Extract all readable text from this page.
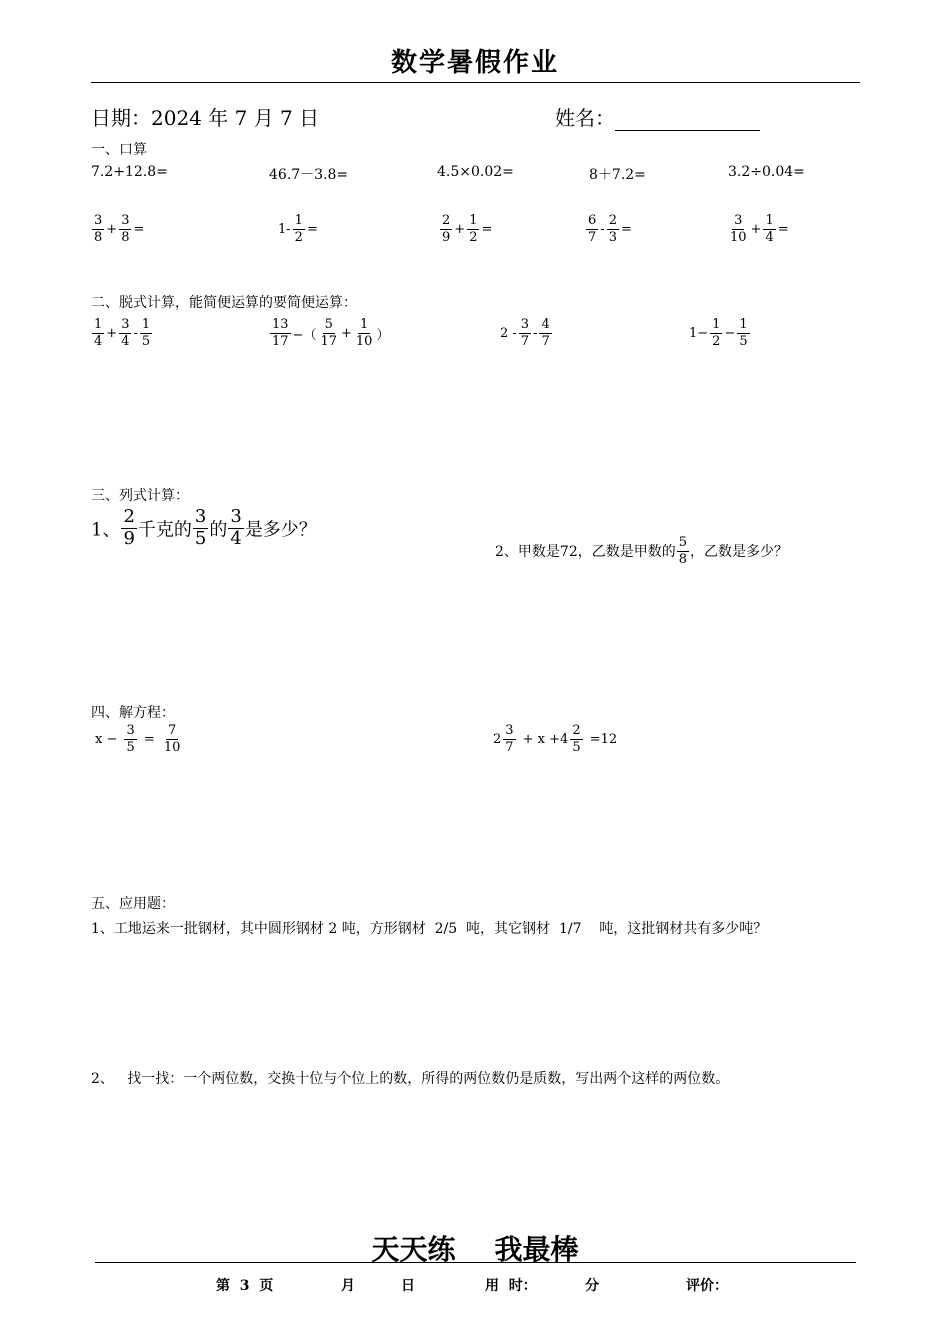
数学暑假作业
日期：2024 年 7 月 7 日	姓名：
一、口算
7.2+12.8=	46.7－3.8=	4.5×0.02=	8＋7.2=	3.2÷0.04=
$\frac{3}{8} + \frac{3}{8}$ =	$1- \frac{1}{2}$ =	$\frac{2}{9} + \frac{1}{2}$ =	$\frac{6}{7} - \frac{2}{3}$ =	$\frac{3}{10} + \frac{1}{4}$ =
二、脱式计算，能简便运算的要简便运算：
$\frac{1}{4} + \frac{3}{4} - \frac{1}{5}$	$\frac{13}{17}$ −（ $\frac{5}{17} + \frac{1}{10}$ ）	$2 - \frac{3}{7} - \frac{4}{7}$	$1- \frac{1}{2} - \frac{1}{5}$
三、列式计算：
1、 $\frac{2}{9}$ 千克的 $\frac{3}{5}$ 的 $\frac{3}{4}$ 是多少？
2、甲数是72，乙数是甲数的 $\frac{5}{8}$ ，乙数是多少？
四、解方程：
$x - \frac{3}{5} = \frac{7}{10}$	$2 \frac{3}{7} + x +4 \frac{2}{5} =12$
五、应用题：
1、工地运来一批钢材，其中圆形钢材 2 吨，方形钢材  2/5  吨，其它钢材  1/7    吨，这批钢材共有多少吨？
2、   找一找：一个两位数，交换十位与个位上的数，所得的两位数仍是质数，写出两个这样的两位数。
天天练    我最棒
第  3  页	月	日	用  时：	分	评价：
